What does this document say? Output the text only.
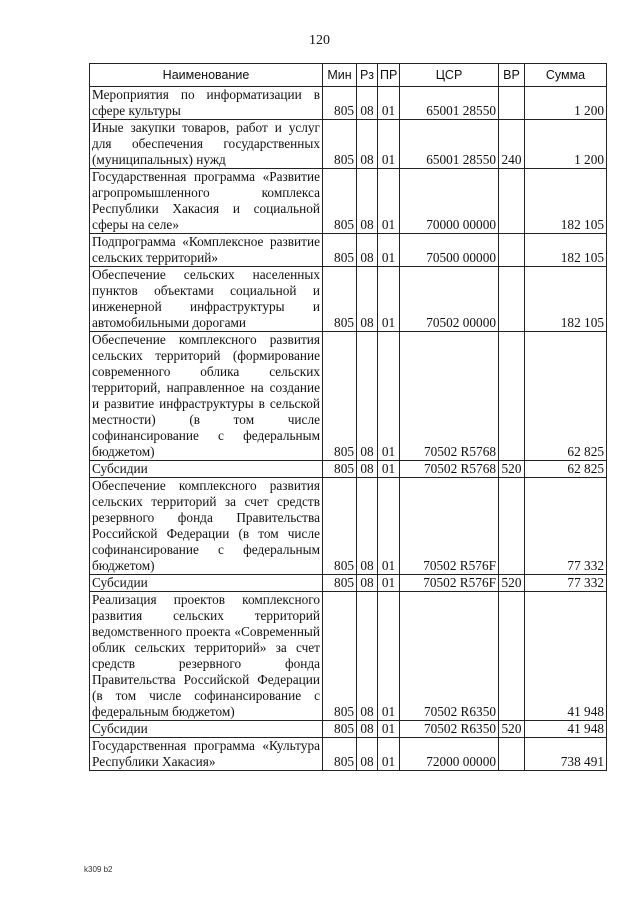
120
Наименование	Мин	Рз	ПР	ЦСР	ВР	Сумма
Мероприятия по информатизации в сфере культуры	805	08	01	65001 28550		1 200
Иные закупки товаров, работ и услуг для обеспечения государственных (муниципальных) нужд	805	08	01	65001 28550	240	1 200
Государственная программа «Развитие агропромышленного комплекса Республики Хакасия и социальной сферы на селе»	805	08	01	70000 00000		182 105
Подпрограмма «Комплексное развитие сельских территорий»	805	08	01	70500 00000		182 105
Обеспечение сельских населенных пунктов объектами социальной и инженерной инфраструктуры и автомобильными дорогами	805	08	01	70502 00000		182 105
Обеспечение комплексного развития сельских территорий (формирование современного облика сельских территорий, направленное на создание и развитие инфраструктуры в сельской местности) (в том числе софинансирование с федеральным бюджетом)	805	08	01	70502 R5768		62 825
Субсидии	805	08	01	70502 R5768	520	62 825
Обеспечение комплексного развития сельских территорий за счет средств резервного фонда Правительства Российской Федерации (в том числе софинансирование с федеральным бюджетом)	805	08	01	70502 R576F		77 332
Субсидии	805	08	01	70502 R576F	520	77 332
Реализация проектов комплексного развития сельских территорий ведомственного проекта «Современный облик сельских территорий» за счет средств резервного фонда Правительства Российской Федерации (в том числе софинансирование с федеральным бюджетом)	805	08	01	70502 R6350		41 948
Субсидии	805	08	01	70502 R6350	520	41 948
Государственная программа «Культура Республики Хакасия»	805	08	01	72000 00000		738 491
k309 b2
